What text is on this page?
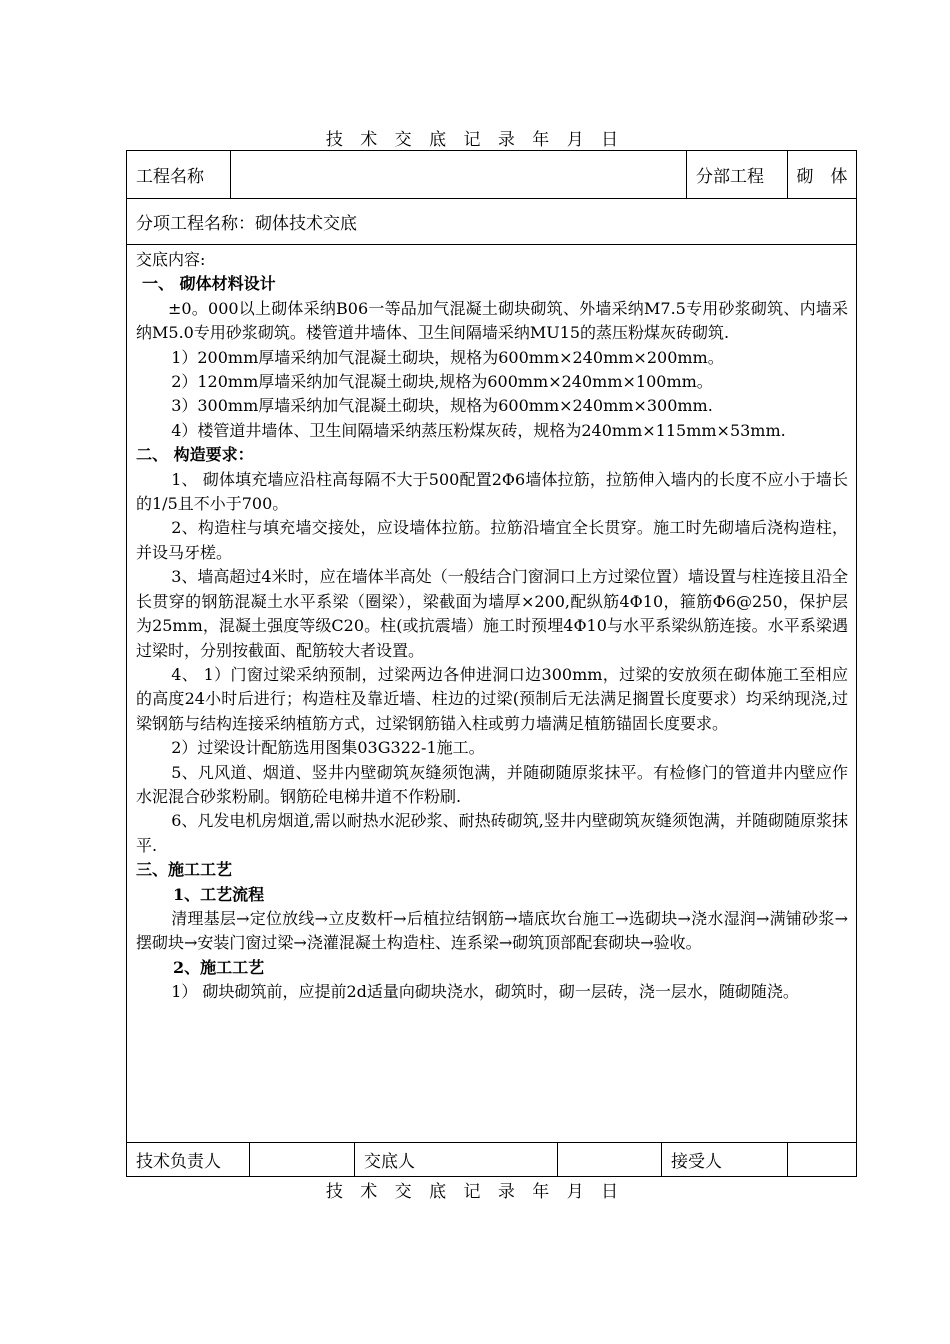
技 术 交 底 记 录 年 月 日
工程名称	分部工程	砌　体
分项工程名称：砌体技术交底

交底内容:

一、 砌体材料设计

±0。000以上砌体采纳B06一等品加气混凝土砌块砌筑、外墙采纳M7.5专用砂浆砌筑、内墙采纳M5.0专用砂浆砌筑。楼管道井墙体、卫生间隔墙采纳MU15的蒸压粉煤灰砖砌筑.

1）200mm厚墙采纳加气混凝土砌块，规格为600mm×240mm×200mm。

2）120mm厚墙采纳加气混凝土砌块,规格为600mm×240mm×100mm。

3）300mm厚墙采纳加气混凝土砌块，规格为600mm×240mm×300mm.

4）楼管道井墙体、卫生间隔墙采纳蒸压粉煤灰砖，规格为240mm×115mm×53mm.

二、 构造要求：

1、 砌体填充墙应沿柱高每隔不大于500配置2Φ6墙体拉筋，拉筋伸入墙内的长度不应小于墙长的1/5且不小于700。

2、构造柱与填充墙交接处，应设墙体拉筋。拉筋沿墙宜全长贯穿。施工时先砌墙后浇构造柱，并设马牙槎。

3、墙高超过4米时，应在墙体半高处（一般结合门窗洞口上方过梁位置）墙设置与柱连接且沿全长贯穿的钢筋混凝土水平系梁（圈梁），梁截面为墙厚×200,配纵筋4Φ10，箍筋Φ6@250，保护层为25mm，混凝土强度等级C20。柱(或抗震墙）施工时预埋4Φ10与水平系梁纵筋连接。水平系梁遇过梁时，分别按截面、配筋较大者设置。

4、 1）门窗过梁采纳预制，过梁两边各伸进洞口边300mm，过梁的安放须在砌体施工至相应的高度24小时后进行；构造柱及靠近墙、柱边的过梁(预制后无法满足搁置长度要求）均采纳现浇,过梁钢筋与结构连接采纳植筋方式，过梁钢筋锚入柱或剪力墙满足植筋锚固长度要求。

2）过梁设计配筋选用图集03G322-1施工。

5、凡风道、烟道、竖井内壁砌筑灰缝须饱满，并随砌随原浆抹平。有检修门的管道井内壁应作水泥混合砂浆粉刷。钢筋砼电梯井道不作粉刷.

6、凡发电机房烟道,需以耐热水泥砂浆、耐热砖砌筑,竖井内壁砌筑灰缝须饱满，并随砌随原浆抹平.

三、施工工艺

1、工艺流程

清理基层→定位放线→立皮数杆→后植拉结钢筋→墙底坎台施工→选砌块→浇水湿润→满铺砂浆→摆砌块→安装门窗过梁→浇灌混凝土构造柱、连系梁→砌筑顶部配套砌块→验收。

2、施工工艺

1） 砌块砌筑前，应提前2d适量向砌块浇水，砌筑时，砌一层砖，浇一层水，随砌随浇。

技术负责人	交底人	接受人
技 术 交 底 记 录 年 月 日
